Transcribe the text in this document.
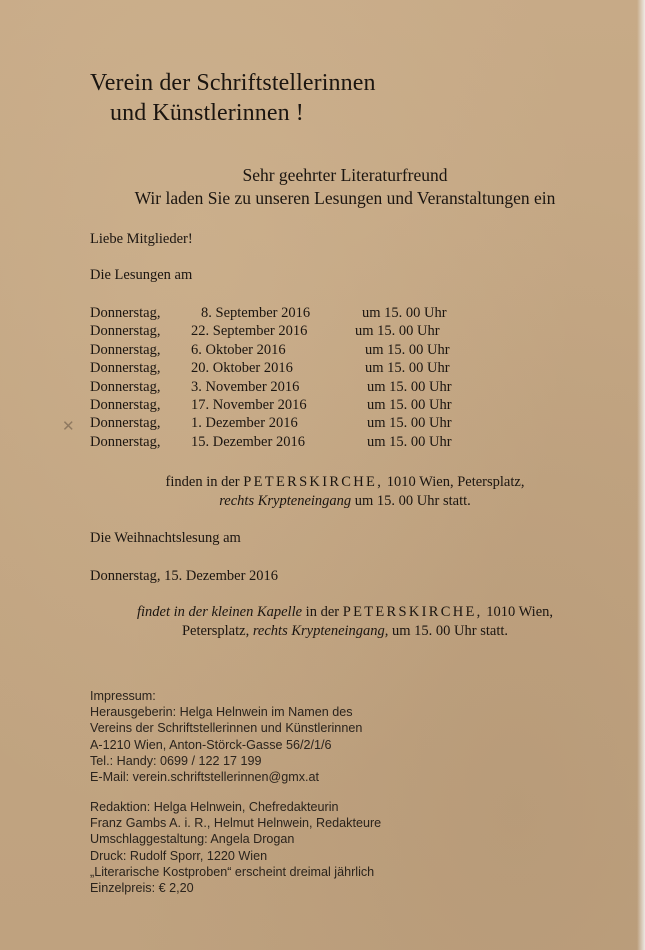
Verein der Schriftstellerinnen
und Künstlerinnen !
Sehr geehrter Literaturfreund
Wir laden Sie zu unseren Lesungen und Veranstaltungen ein
Liebe Mitglieder!
Die Lesungen am
Donnerstag,	8. September 2016	um 15. 00 Uhr
Donnerstag,	22. September 2016	um 15. 00 Uhr
Donnerstag,	6. Oktober 2016	um 15. 00 Uhr
Donnerstag,	20. Oktober 2016	um 15. 00 Uhr
Donnerstag,	3. November 2016	um 15. 00 Uhr
Donnerstag,	17. November 2016	um 15. 00 Uhr
Donnerstag,	1. Dezember 2016	um 15. 00 Uhr
Donnerstag,	15. Dezember 2016	um 15. 00 Uhr
✕
finden in der PETERSKIRCHE, 1010 Wien, Petersplatz,
rechts Krypteneingang um 15. 00 Uhr statt.
Die Weihnachtslesung am
Donnerstag, 15. Dezember 2016
findet in der kleinen Kapelle in der PETERSKIRCHE, 1010 Wien,
Petersplatz, rechts Krypteneingang, um 15. 00 Uhr statt.
Impressum:
Herausgeberin: Helga Helnwein im Namen des
Vereins der Schriftstellerinnen und Künstlerinnen
A-1210 Wien, Anton-Störck-Gasse 56/2/1/6
Tel.: Handy: 0699 / 122 17 199
E-Mail: verein.schriftstellerinnen@gmx.at
Redaktion: Helga Helnwein, Chefredakteurin
Franz Gambs A. i. R., Helmut Helnwein, Redakteure
Umschlaggestaltung: Angela Drogan
Druck: Rudolf Sporr, 1220 Wien
„Literarische Kostproben“ erscheint dreimal jährlich
Einzelpreis: € 2,20
